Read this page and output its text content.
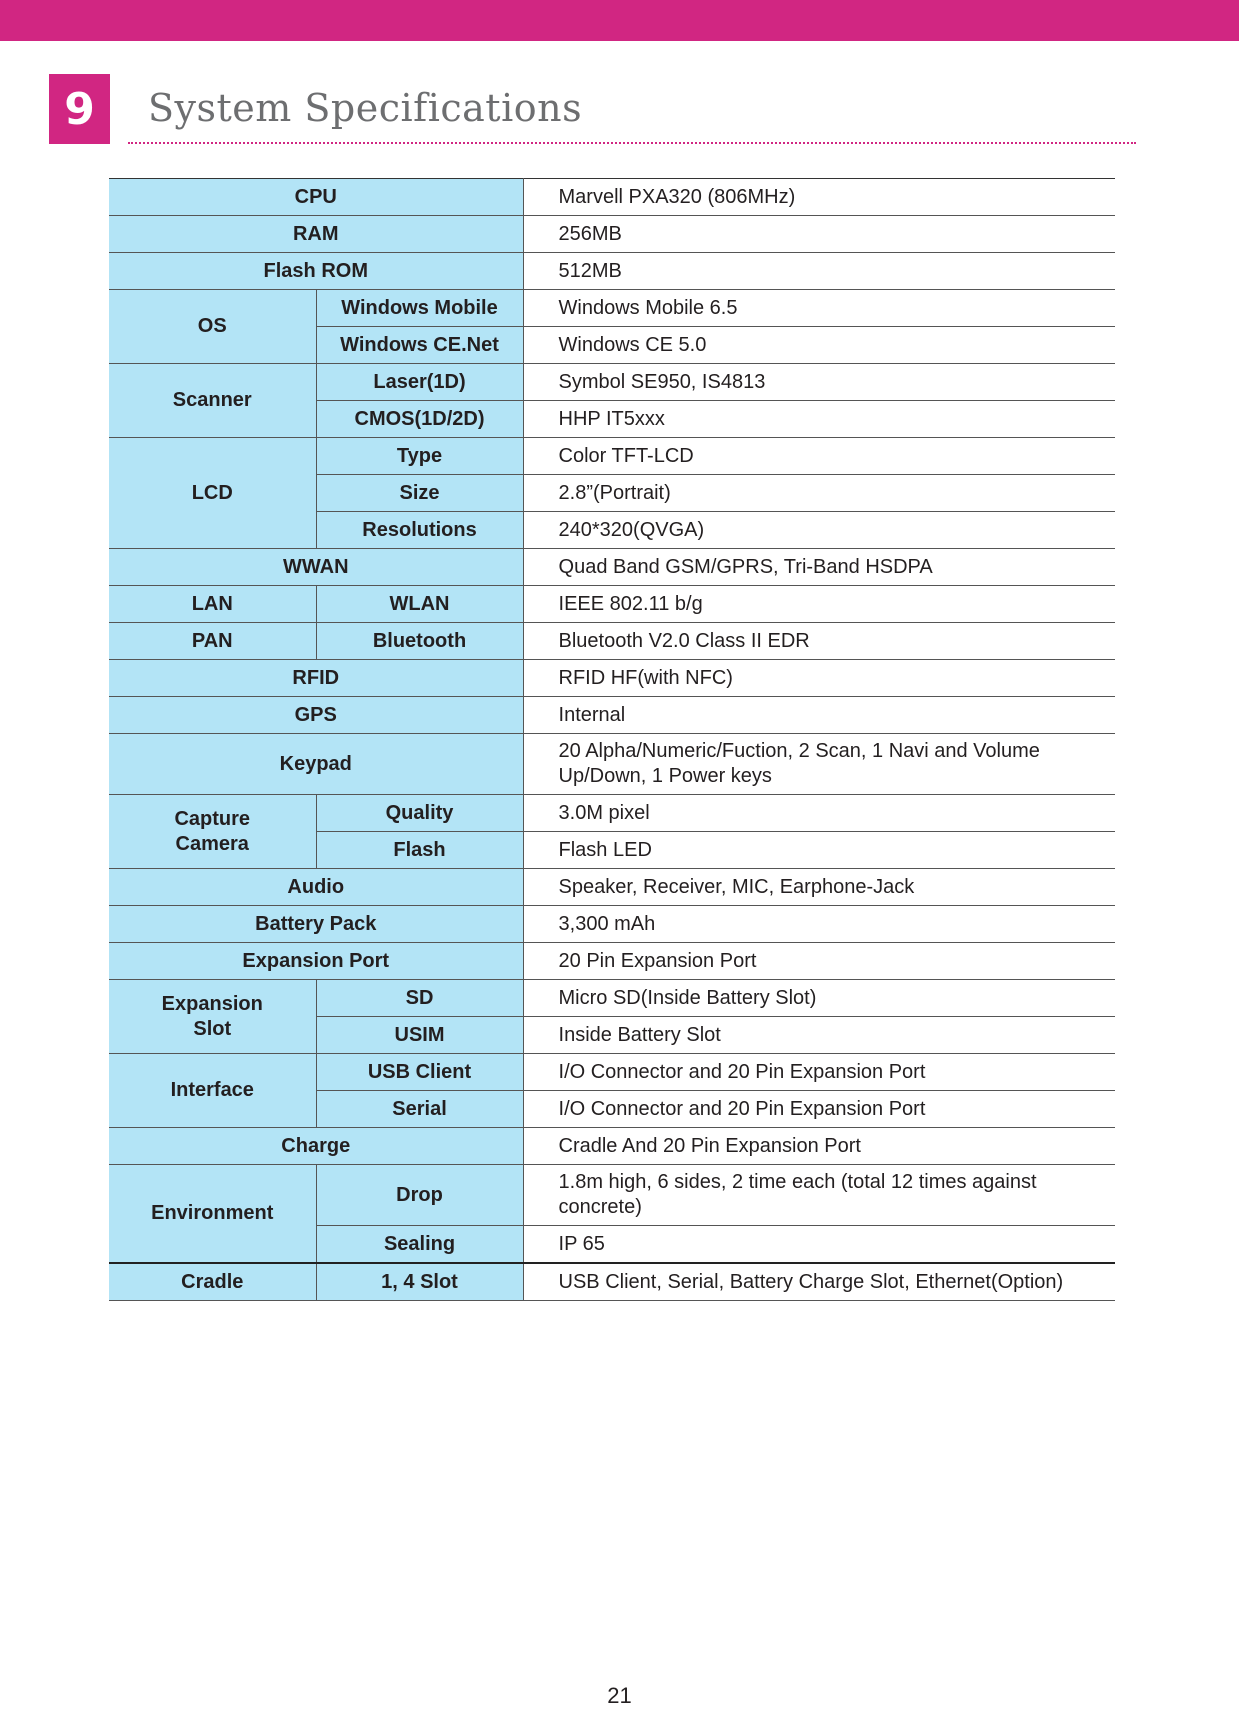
9	System Specifications
CPU		Marvell PXA320 (806MHz)
RAM		256MB
Flash ROM		512MB
OS	Windows Mobile	Windows Mobile 6.5
	Windows CE.Net	Windows CE 5.0
Scanner	Laser(1D)	Symbol SE950, IS4813
	CMOS(1D/2D)	HHP IT5xxx
LCD	Type	Color TFT-LCD
	Size	2.8”(Portrait)
	Resolutions	240*320(QVGA)
WWAN		Quad Band GSM/GPRS, Tri-Band HSDPA
LAN	WLAN	IEEE 802.11 b/g
PAN	Bluetooth	Bluetooth V2.0 Class II EDR
RFID		RFID HF(with NFC)
GPS		Internal
Keypad		20 Alpha/Numeric/Fuction, 2 Scan, 1 Navi and Volume
Up/Down, 1 Power keys

Capture
Camera	Quality	3.0M pixel
	Flash	Flash LED
Audio		Speaker, Receiver, MIC, Earphone-Jack
Battery Pack		3,300 mAh
Expansion Port		20 Pin Expansion Port

Expansion
Slot	SD	Micro SD(Inside Battery Slot)
	USIM	Inside Battery Slot
Interface	USB Client	I/O Connector and 20 Pin Expansion Port
	Serial	I/O Connector and 20 Pin Expansion Port
Charge		Cradle And 20 Pin Expansion Port
Environment	Drop	1.8m high, 6 sides, 2 time each (total 12 times against
concrete)

	Sealing	IP 65
Cradle	1, 4 Slot	USB Client, Serial, Battery Charge Slot, Ethernet(Option)
21
